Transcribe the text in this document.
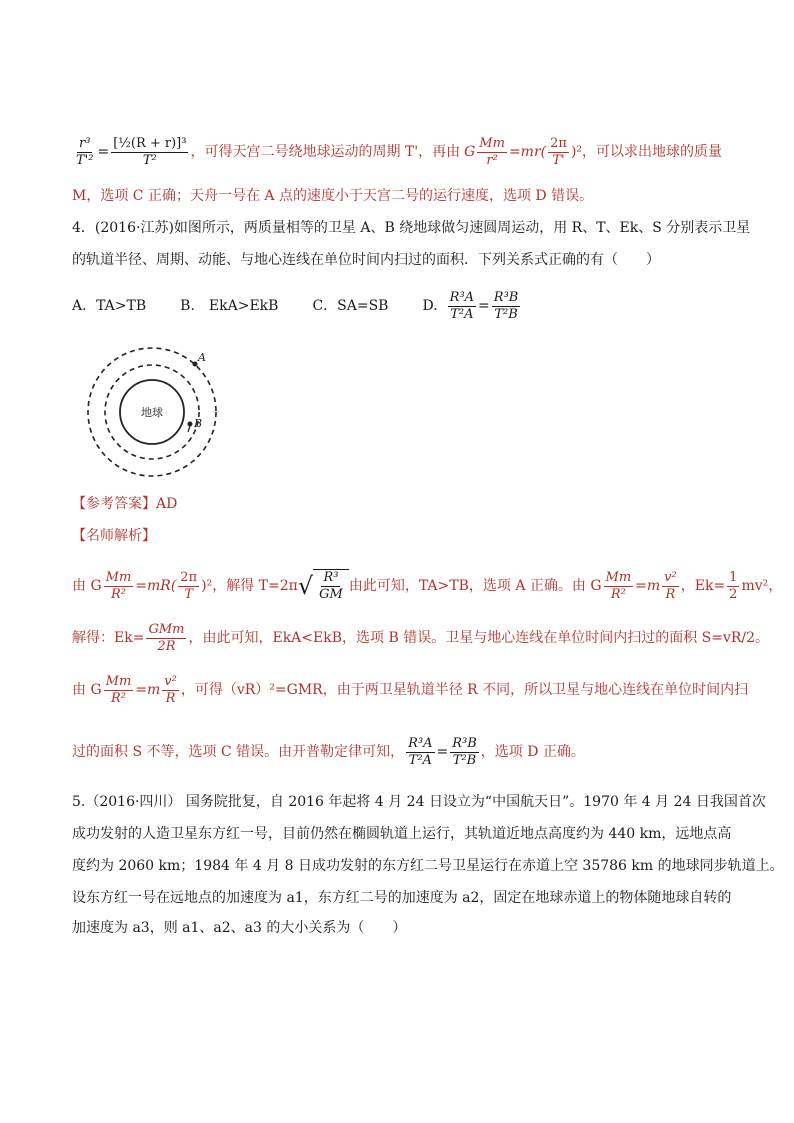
$\frac{\text{r³}}{\text{T'²}} = \frac{\text{[½(R + r)]³}}{\text{T²}}$ ，可得天宫二号绕地球运动的周期 T'，再由 G $\frac{Mm}{\text{r²}} =mr( \frac{2\pi}{T'} )^2$，可以求出地球的质量
M，选项 C 正确；天舟一号在 A 点的速度小于天宫二号的运行速度，选项 D 错误。
4．(2016·江苏)如图所示，两质量相等的卫星 A、B 绕地球做匀速圆周运动，用 R、T、Ek、S 分别表示卫星
的轨道半径、周期、动能、与地心连线在单位时间内扫过的面积．下列关系式正确的有（　　）
A．TA>TB B.　EkA>EkB C．SA=SB D. $\frac{\text{R³A}}{\text{T²A}} = \frac{\text{R³B}}{\text{T²B}}$
地球
A
B
【参考答案】AD
【名师解析】
由 G $\frac{Mm}{\text{R²}} =mR( \frac{2\pi}{T} )^2$，解得 T=2π √ $\frac{\text{R³}}{GM}$ 由此可知，TA>TB，选项 A 正确。由 G $\frac{Mm}{\text{R²}} =m \frac{\text{v²}}{R}$ ，$Ek= \frac{1}{2} mv^2$，
解得：$Ek= \frac{\text{GMm}}{2R}$ ，由此可知，EkA<EkB，选项 B 错误。卫星与地心连线在单位时间内扫过的面积 S=vR/2。
由 G $\frac{Mm}{\text{R²}} =m \frac{\text{v²}}{R}$ ，可得（vR）²=GMR，由于两卫星轨道半径 R 不同，所以卫星与地心连线在单位时间内扫
过的面积 S 不等，选项 C 错误。由开普勒定律可知， $\frac{\text{R³A}}{\text{T²A}} = \frac{\text{R³B}}{\text{T²B}}$ ，选项 D 正确。
5.（2016·四川） 国务院批复，自 2016 年起将 4 月 24 日设立为“中国航天日”。1970 年 4 月 24 日我国首次
成功发射的人造卫星东方红一号，目前仍然在椭圆轨道上运行，其轨道近地点高度约为 440 km，远地点高
度约为 2060 km；1984 年 4 月 8 日成功发射的东方红二号卫星运行在赤道上空 35786 km 的地球同步轨道上。
设东方红一号在远地点的加速度为 a1，东方红二号的加速度为 a2，固定在地球赤道上的物体随地球自转的
加速度为 a3，则 a1、a2、a3 的大小关系为（　　）
